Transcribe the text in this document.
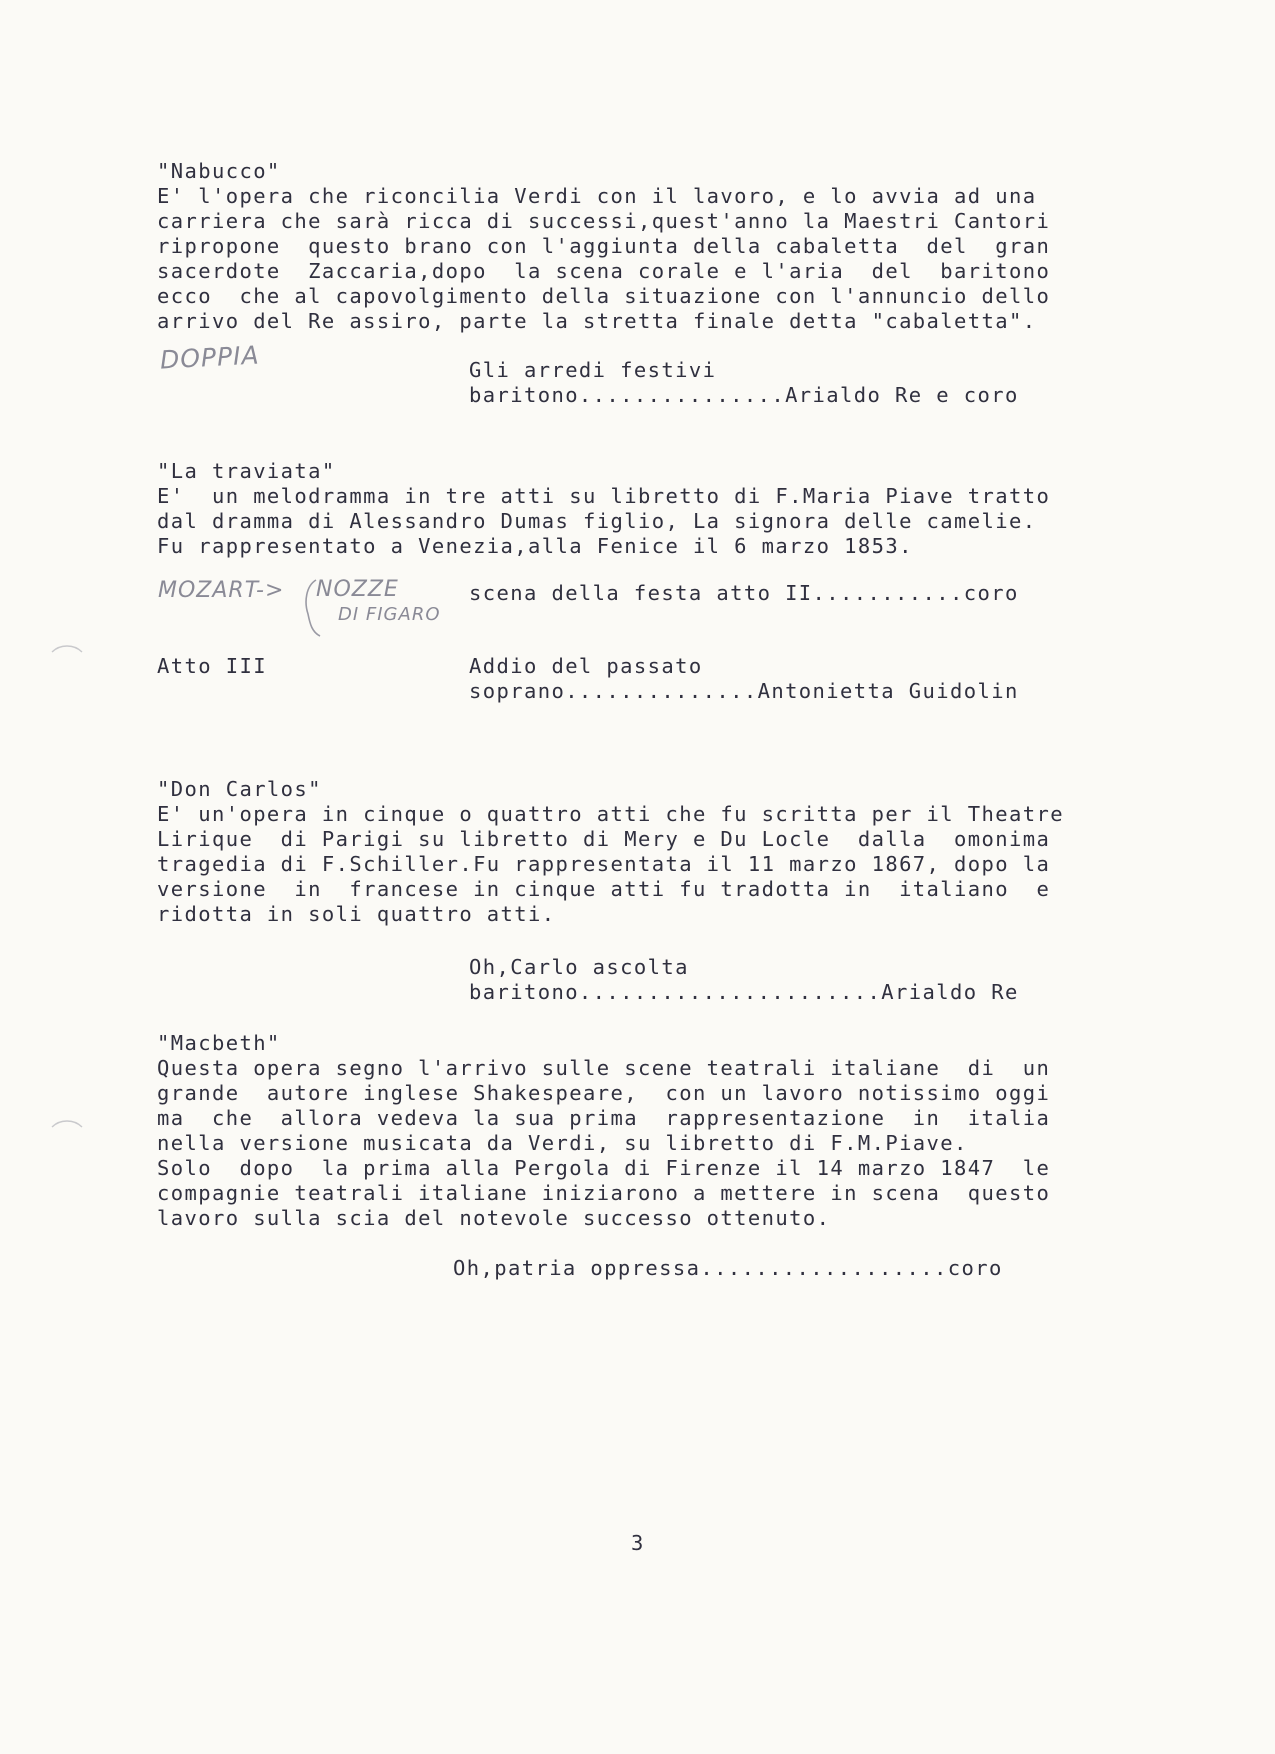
"Nabucco"
E' l'opera che riconcilia Verdi con il lavoro, e lo avvia ad una
carriera che sarà ricca di successi,quest'anno la Maestri Cantori
ripropone  questo brano con l'aggiunta della cabaletta  del  gran
sacerdote  Zaccaria,dopo  la scena corale e l'aria  del  baritono
ecco  che al capovolgimento della situazione con l'annuncio dello
arrivo del Re assiro, parte la stretta finale detta "cabaletta".
DOPPIA	Gli arredi festivi
baritono...............Arialdo Re e coro
"La traviata"
E'  un melodramma in tre atti su libretto di F.Maria Piave tratto
dal dramma di Alessandro Dumas figlio, La signora delle camelie.
Fu rappresentato a Venezia,alla Fenice il 6 marzo 1853.
MOZART-> NOZZE
DI FIGARO
scena della festa atto II...........coro
Atto III	Addio del passato
soprano..............Antonietta Guidolin
"Don Carlos"
E' un'opera in cinque o quattro atti che fu scritta per il Theatre
Lirique  di Parigi su libretto di Mery e Du Locle  dalla  omonima
tragedia di F.Schiller.Fu rappresentata il 11 marzo 1867, dopo la
versione  in  francese in cinque atti fu tradotta in  italiano  e
ridotta in soli quattro atti.
Oh,Carlo ascolta
baritono......................Arialdo Re
"Macbeth"
Questa opera segno l'arrivo sulle scene teatrali italiane  di  un
grande  autore inglese Shakespeare,  con un lavoro notissimo oggi
ma  che  allora vedeva la sua prima  rappresentazione  in  italia
nella versione musicata da Verdi, su libretto di F.M.Piave.
Solo  dopo  la prima alla Pergola di Firenze il 14 marzo 1847  le
compagnie teatrali italiane iniziarono a mettere in scena  questo
lavoro sulla scia del notevole successo ottenuto.
Oh,patria oppressa..................coro
3
